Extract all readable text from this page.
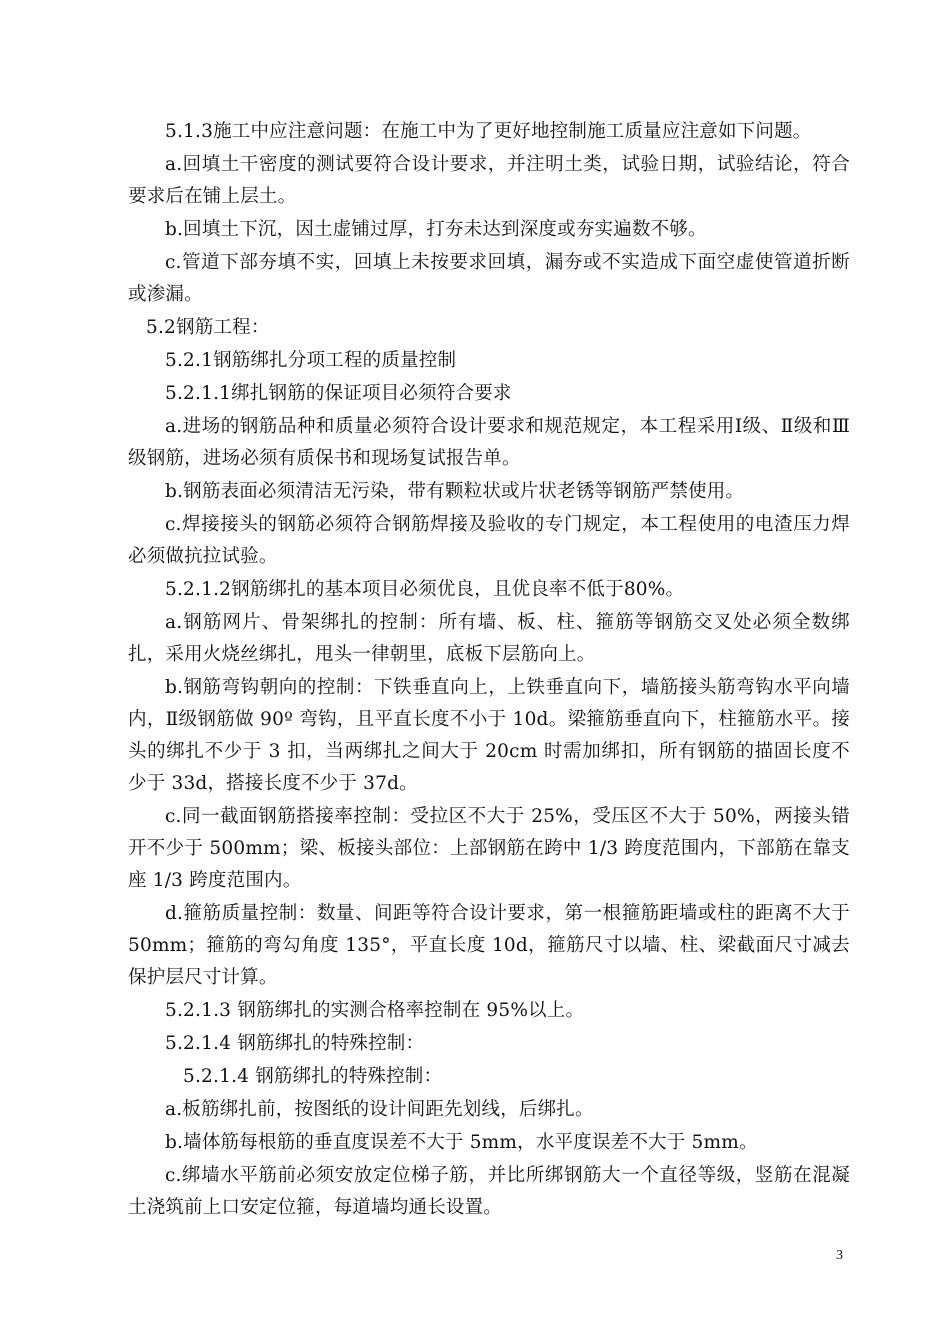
5.1.3施工中应注意问题：在施工中为了更好地控制施工质量应注意如下问题。

a.回填土干密度的测试要符合设计要求，并注明土类，试验日期，试验结论，符合要求后在铺上层土。

b.回填土下沉，因土虚铺过厚，打夯未达到深度或夯实遍数不够。

c.管道下部夯填不实，回填上未按要求回填，漏夯或不实造成下面空虚使管道折断或渗漏。

5.2钢筋工程：

5.2.1钢筋绑扎分项工程的质量控制

5.2.1.1绑扎钢筋的保证项目必须符合要求

a.进场的钢筋品种和质量必须符合设计要求和规范规定，本工程采用Ⅰ级、Ⅱ级和Ⅲ级钢筋，进场必须有质保书和现场复试报告单。

b.钢筋表面必须清洁无污染，带有颗粒状或片状老锈等钢筋严禁使用。

c.焊接接头的钢筋必须符合钢筋焊接及验收的专门规定，本工程使用的电渣压力焊必须做抗拉试验。

5.2.1.2钢筋绑扎的基本项目必须优良，且优良率不低于80%。

a.钢筋网片、骨架绑扎的控制：所有墙、板、柱、箍筋等钢筋交叉处必须全数绑扎，采用火烧丝绑扎，甩头一律朝里，底板下层筋向上。

b.钢筋弯钩朝向的控制：下铁垂直向上，上铁垂直向下，墙筋接头筋弯钩水平向墙内，Ⅱ级钢筋做 90º 弯钩，且平直长度不小于 10d。梁箍筋垂直向下，柱箍筋水平。接头的绑扎不少于 3 扣，当两绑扎之间大于 20cm 时需加绑扣，所有钢筋的描固长度不少于 33d，搭接长度不少于 37d。

c.同一截面钢筋搭接率控制：受拉区不大于 25%，受压区不大于 50%，两接头错开不少于 500mm；梁、板接头部位：上部钢筋在跨中 1/3 跨度范围内，下部筋在靠支座 1/3 跨度范围内。

d.箍筋质量控制：数量、间距等符合设计要求，第一根箍筋距墙或柱的距离不大于 50mm；箍筋的弯勾角度 135°，平直长度 10d，箍筋尺寸以墙、柱、梁截面尺寸减去保护层尺寸计算。

5.2.1.3 钢筋绑扎的实测合格率控制在 95%以上。

5.2.1.4 钢筋绑扎的特殊控制：

5.2.1.4 钢筋绑扎的特殊控制：

a.板筋绑扎前，按图纸的设计间距先划线，后绑扎。

b.墙体筋每根筋的垂直度误差不大于 5mm，水平度误差不大于 5mm。

c.绑墙水平筋前必须安放定位梯子筋，并比所绑钢筋大一个直径等级，竖筋在混凝土浇筑前上口安定位箍，每道墙均通长设置。

3
